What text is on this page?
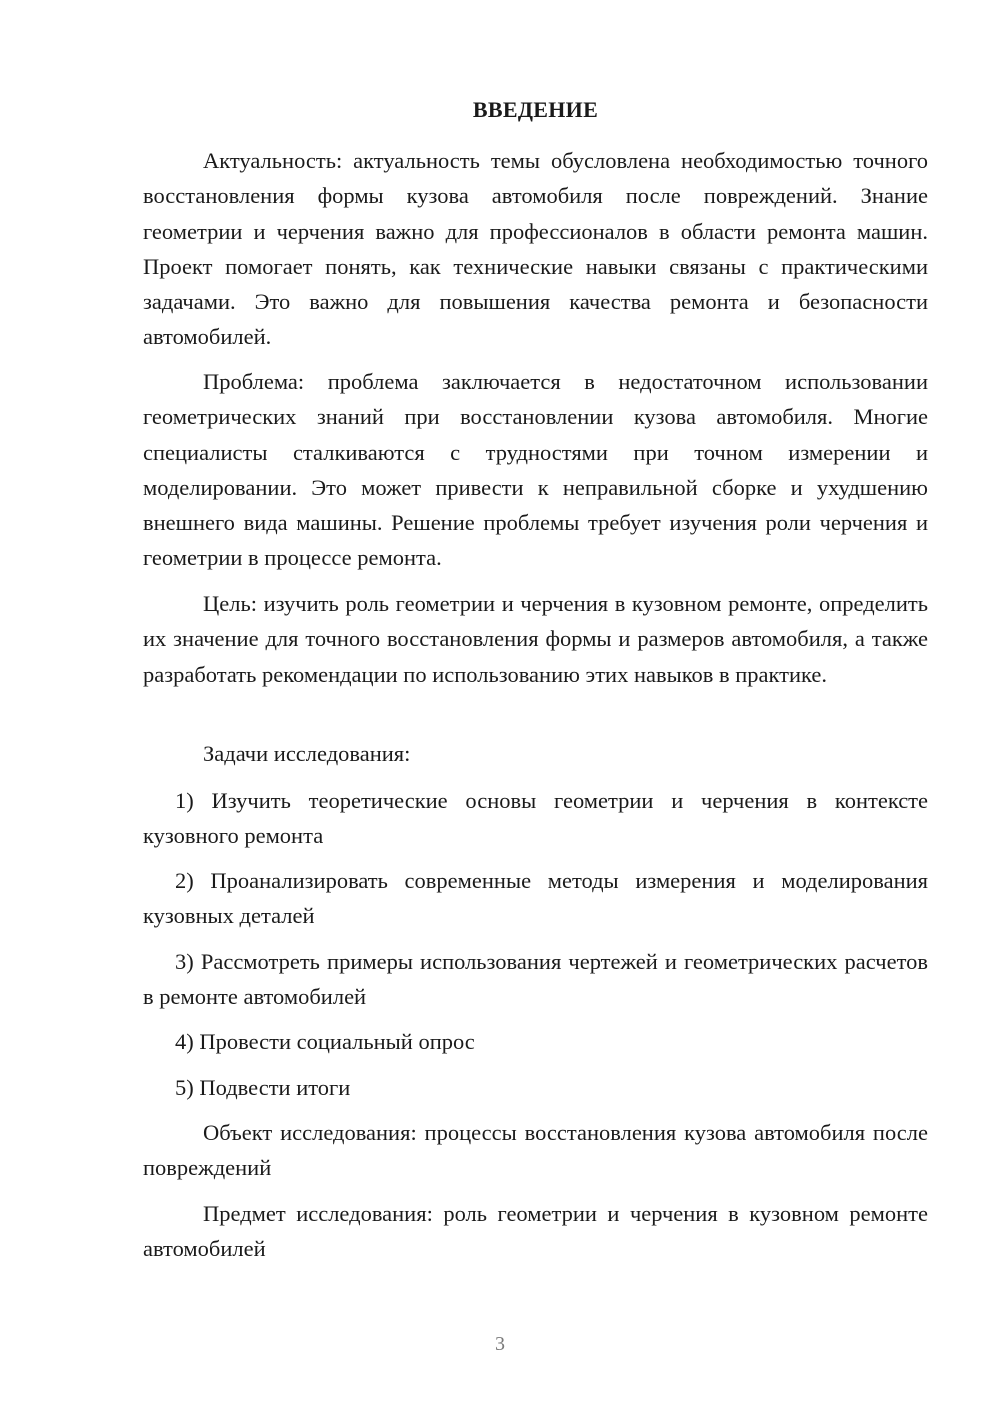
ВВЕДЕНИЕ

Актуальность: актуальность темы обусловлена необходимостью точного восстановления формы кузова автомобиля после повреждений. Знание геометрии и черчения важно для профессионалов в области ремонта машин. Проект помогает понять, как технические навыки связаны с практическими задачами. Это важно для повышения качества ремонта и безопасности автомобилей.

Проблема: проблема заключается в недостаточном использовании геометрических знаний при восстановлении кузова автомобиля. Многие специалисты сталкиваются с трудностями при точном измерении и моделировании. Это может привести к неправильной сборке и ухудшению внешнего вида машины. Решение проблемы требует изучения роли черчения и геометрии в процессе ремонта.

Цель: изучить роль геометрии и черчения в кузовном ремонте, определить их значение для точного восстановления формы и размеров автомобиля, а также разработать рекомендации по использованию этих навыков в практике.

Задачи исследования:

1) Изучить теоретические основы геометрии и черчения в контексте кузовного ремонта

2) Проанализировать современные методы измерения и моделирования кузовных деталей

3) Рассмотреть примеры использования чертежей и геометрических расчетов в ремонте автомобилей

4) Провести социальный опрос

5) Подвести итоги

Объект исследования: процессы восстановления кузова автомобиля после повреждений

Предмет исследования: роль геометрии и черчения в кузовном ремонте автомобилей

3
